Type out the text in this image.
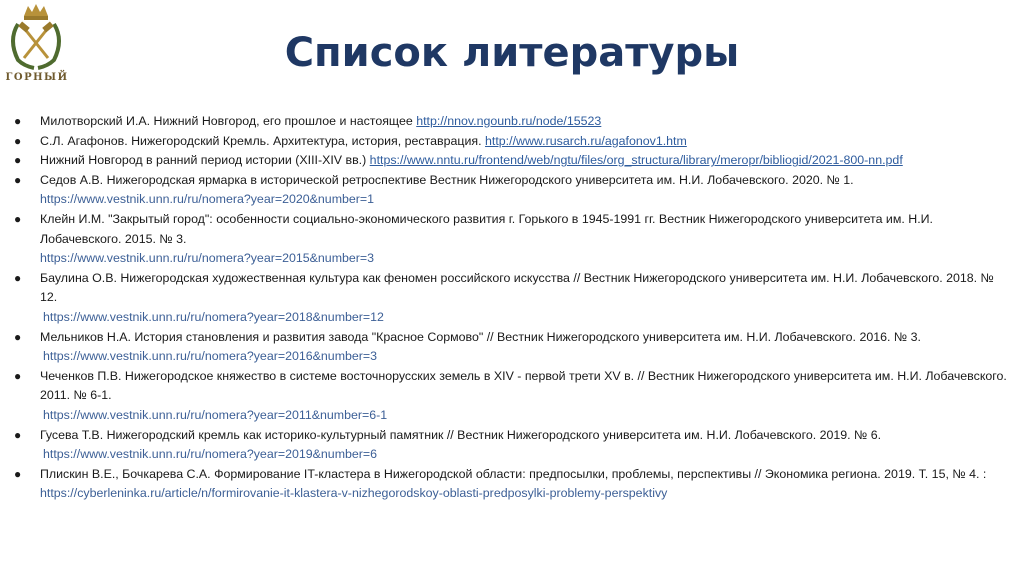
ГОРНЫЙ
Список литературы
● Милотворский И.А. Нижний Новгород, его прошлое и настоящее http://nnov.ngounb.ru/node/15523
● С.Л. Агафонов. Нижегородский Кремль. Архитектура, история, реставрация. http://www.rusarch.ru/agafonov1.htm
● Нижний Новгород в ранний период истории (XIII-XIV вв.) https://www.nntu.ru/frontend/web/ngtu/files/org_structura/library/meropr/bibliogid/2021-800-nn.pdf
● Седов А.В. Нижегородская ярмарка в исторической ретроспективе Вестник Нижегородского университета им. Н.И. Лобачевского. 2020. № 1.
https://www.vestnik.unn.ru/ru/nomera?year=2020&number=1
● Клейн И.М. "Закрытый город": особенности социально-экономического развития г. Горького в 1945-1991 гг. Вестник Нижегородского университета им. Н.И. Лобачевского. 2015. № 3.
https://www.vestnik.unn.ru/ru/nomera?year=2015&number=3
● Баулина О.В. Нижегородская художественная культура как феномен российского искусства // Вестник Нижегородского университета им. Н.И. Лобачевского. 2018. № 12.
https://www.vestnik.unn.ru/ru/nomera?year=2018&number=12
● Мельников Н.А. История становления и развития завода "Красное Сормово" // Вестник Нижегородского университета им. Н.И. Лобачевского. 2016. № 3.
https://www.vestnik.unn.ru/ru/nomera?year=2016&number=3
● Чеченков П.В. Нижегородское княжество в системе восточнорусских земель в XIV - первой трети XV в. // Вестник Нижегородского университета им. Н.И. Лобачевского. 2011. № 6-1.
https://www.vestnik.unn.ru/ru/nomera?year=2011&number=6-1
● Гусева Т.В. Нижегородский кремль как историко-культурный памятник // Вестник Нижегородского университета им. Н.И. Лобачевского. 2019. № 6.
https://www.vestnik.unn.ru/ru/nomera?year=2019&number=6
● Плискин В.Е., Бочкарева С.А. Формирование IT-кластера в Нижегородской области: предпосылки, проблемы, перспективы // Экономика региона. 2019. Т. 15, № 4. : https://cyberleninka.ru/article/n/formirovanie-it-klastera-v-nizhegorodskoy-oblasti-predposylki-problemy-perspektivy
